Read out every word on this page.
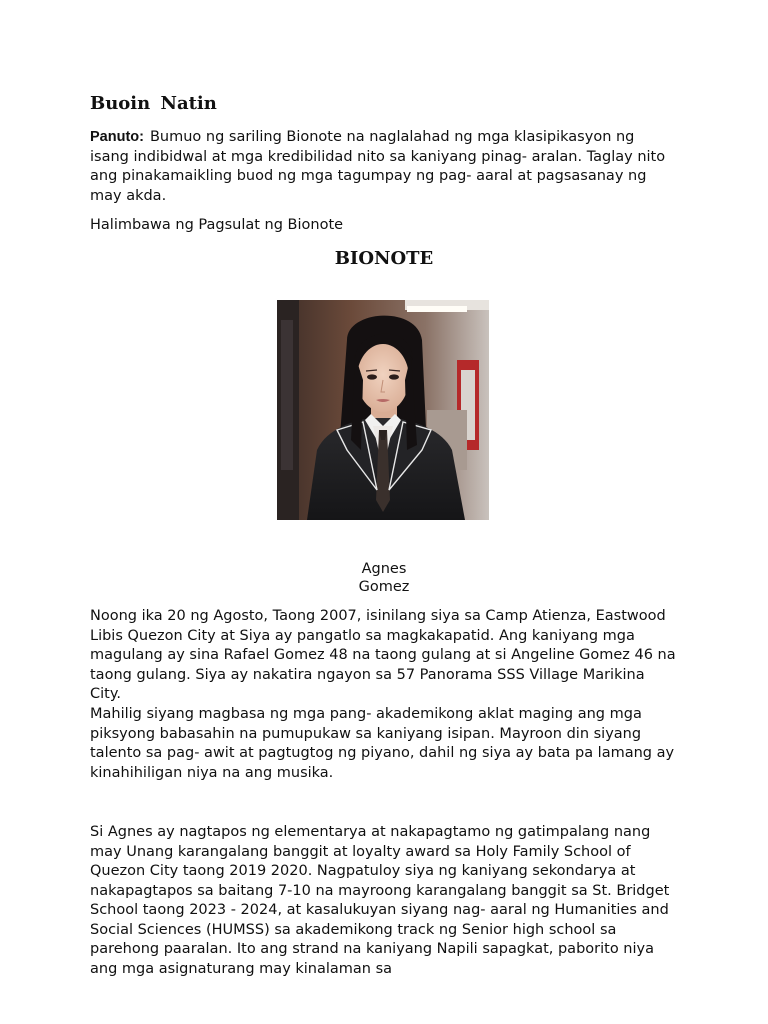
Buoin Natin

Panuto: Bumuo ng sariling Bionote na naglalahad ng mga klasipikasyon ng isang indibidwal at mga kredibilidad nito sa kaniyang pinag- aralan. Taglay nito ang pinakamaikling buod ng mga tagumpay ng pag- aaral at pagsasanay ng may akda.

Halimbawa ng Pagsulat ng Bionote

BIONOTE
Agnes
Gomez

Noong ika 20 ng Agosto, Taong 2007, isinilang siya sa Camp Atienza, Eastwood Libis Quezon City at Siya ay pangatlo sa magkakapatid. Ang kaniyang mga magulang ay sina Rafael Gomez 48 na taong gulang at si Angeline Gomez 46 na taong gulang. Siya ay nakatira ngayon sa 57 Panorama SSS Village Marikina City.

Mahilig siyang magbasa ng mga pang- akademikong aklat maging ang mga piksyong babasahin na pumupukaw sa kaniyang isipan. Mayroon din siyang talento sa pag- awit at pagtugtog ng piyano, dahil ng siya ay bata pa lamang ay kinahihiligan niya na ang musika.

Si Agnes ay nagtapos ng elementarya at nakapagtamo ng gatimpalang nang may Unang karangalang banggit at loyalty award sa Holy Family School of Quezon City taong 2019 2020. Nagpatuloy siya ng kaniyang sekondarya at nakapagtapos sa baitang 7-10 na mayroong karangalang banggit sa St. Bridget School taong 2023 - 2024, at kasalukuyan siyang nag- aaral ng Humanities and Social Sciences (HUMSS) sa akademikong track ng Senior high school sa parehong paaralan. Ito ang strand na kaniyang Napili sapagkat, paborito niya ang mga asignaturang may kinalaman sa
